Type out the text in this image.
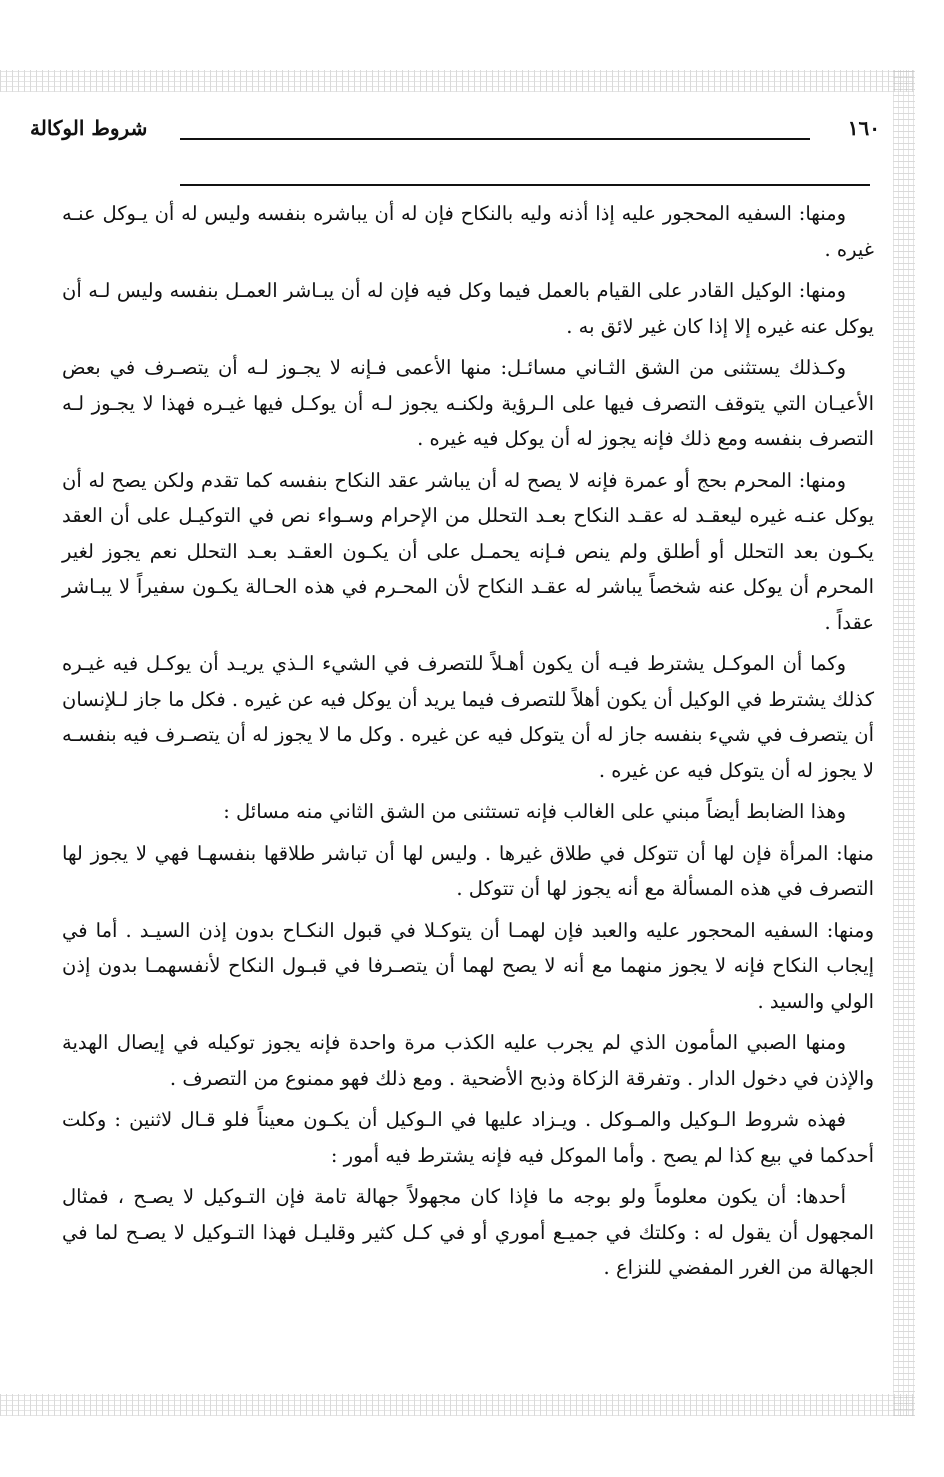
١٦٠
شروط الوكالة

ومنها: السفيه المحجور عليه إذا أذنه وليه بالنكاح فإن له أن يباشره بنفسه وليس له أن يـوكل عنـه غيره .

ومنها: الوكيل القادر على القيام بالعمل فيما وكل فيه فإن له أن يبـاشر العمـل بنفسه وليس لـه أن يوكل عنه غيره إلا إذا كان غير لائق به .

وكـذلك يستثنى من الشق الثـاني مسائـل: منها الأعمى فـإنه لا يجـوز لـه أن يتصـرف في بعض الأعيـان التي يتوقف التصرف فيها على الـرؤية ولكنـه يجوز لـه أن يوكـل فيها غيـره فهذا لا يجـوز لـه التصرف بنفسه ومع ذلك فإنه يجوز له أن يوكل فيه غيره .

ومنها: المحرم بحج أو عمرة فإنه لا يصح له أن يباشر عقد النكاح بنفسه كما تقدم ولكن يصح له أن يوكل عنـه غيره ليعقـد له عقـد النكاح بعـد التحلل من الإحرام وسـواء نص في التوكيـل على أن العقد يكـون بعد التحلل أو أطلق ولم ينص فـإنه يحمـل على أن يكـون العقـد بعـد التحلل نعم يجوز لغير المحرم أن يوكل عنه شخصاً يباشر له عقـد النكاح لأن المحـرم في هذه الحـالة يكـون سفيراً لا يبـاشر عقداً .

وكما أن الموكـل يشترط فيـه أن يكون أهـلاً للتصرف في الشيء الـذي يريـد أن يوكـل فيه غيـره كذلك يشترط في الوكيل أن يكون أهلاً للتصرف فيما يريد أن يوكل فيه عن غيره . فكل ما جاز لـلإنسان أن يتصرف في شيء بنفسه جاز له أن يتوكل فيه عن غيره . وكل ما لا يجوز له أن يتصـرف فيه بنفسـه لا يجوز له أن يتوكل فيه عن غيره .

وهذا الضابط أيضاً مبني على الغالب فإنه تستثنى من الشق الثاني منه مسائل :

منها: المرأة فإن لها أن تتوكل في طلاق غيرها . وليس لها أن تباشر طلاقها بنفسهـا فهي لا يجوز لها التصرف في هذه المسألة مع أنه يجوز لها أن تتوكل .

ومنها: السفيه المحجور عليه والعبد فإن لهمـا أن يتوكـلا في قبول النكـاح بدون إذن السيـد . أما في إيجاب النكاح فإنه لا يجوز منهما مع أنه لا يصح لهما أن يتصـرفا في قبـول النكاح لأنفسهمـا بدون إذن الولي والسيد .

ومنها الصبي المأمون الذي لم يجرب عليه الكذب مرة واحدة فإنه يجوز توكيله في إيصال الهدية والإذن في دخول الدار . وتفرقة الزكاة وذبح الأضحية . ومع ذلك فهو ممنوع من التصرف .

فهذه شروط الـوكيل والمـوكل . ويـزاد عليها في الـوكيل أن يكـون معيناً فلو قـال لاثنين : وكلت أحدكما في بيع كذا لم يصح . وأما الموكل فيه فإنه يشترط فيه أمور :

أحدها: أن يكون معلوماً ولو بوجه ما فإذا كان مجهولاً جهالة تامة فإن التـوكيل لا يصـح ، فمثال المجهول أن يقول له : وكلتك في جميـع أموري أو في كـل كثير وقليـل فهذا التـوكيل لا يصـح لما في الجهالة من الغرر المفضي للنزاع .
